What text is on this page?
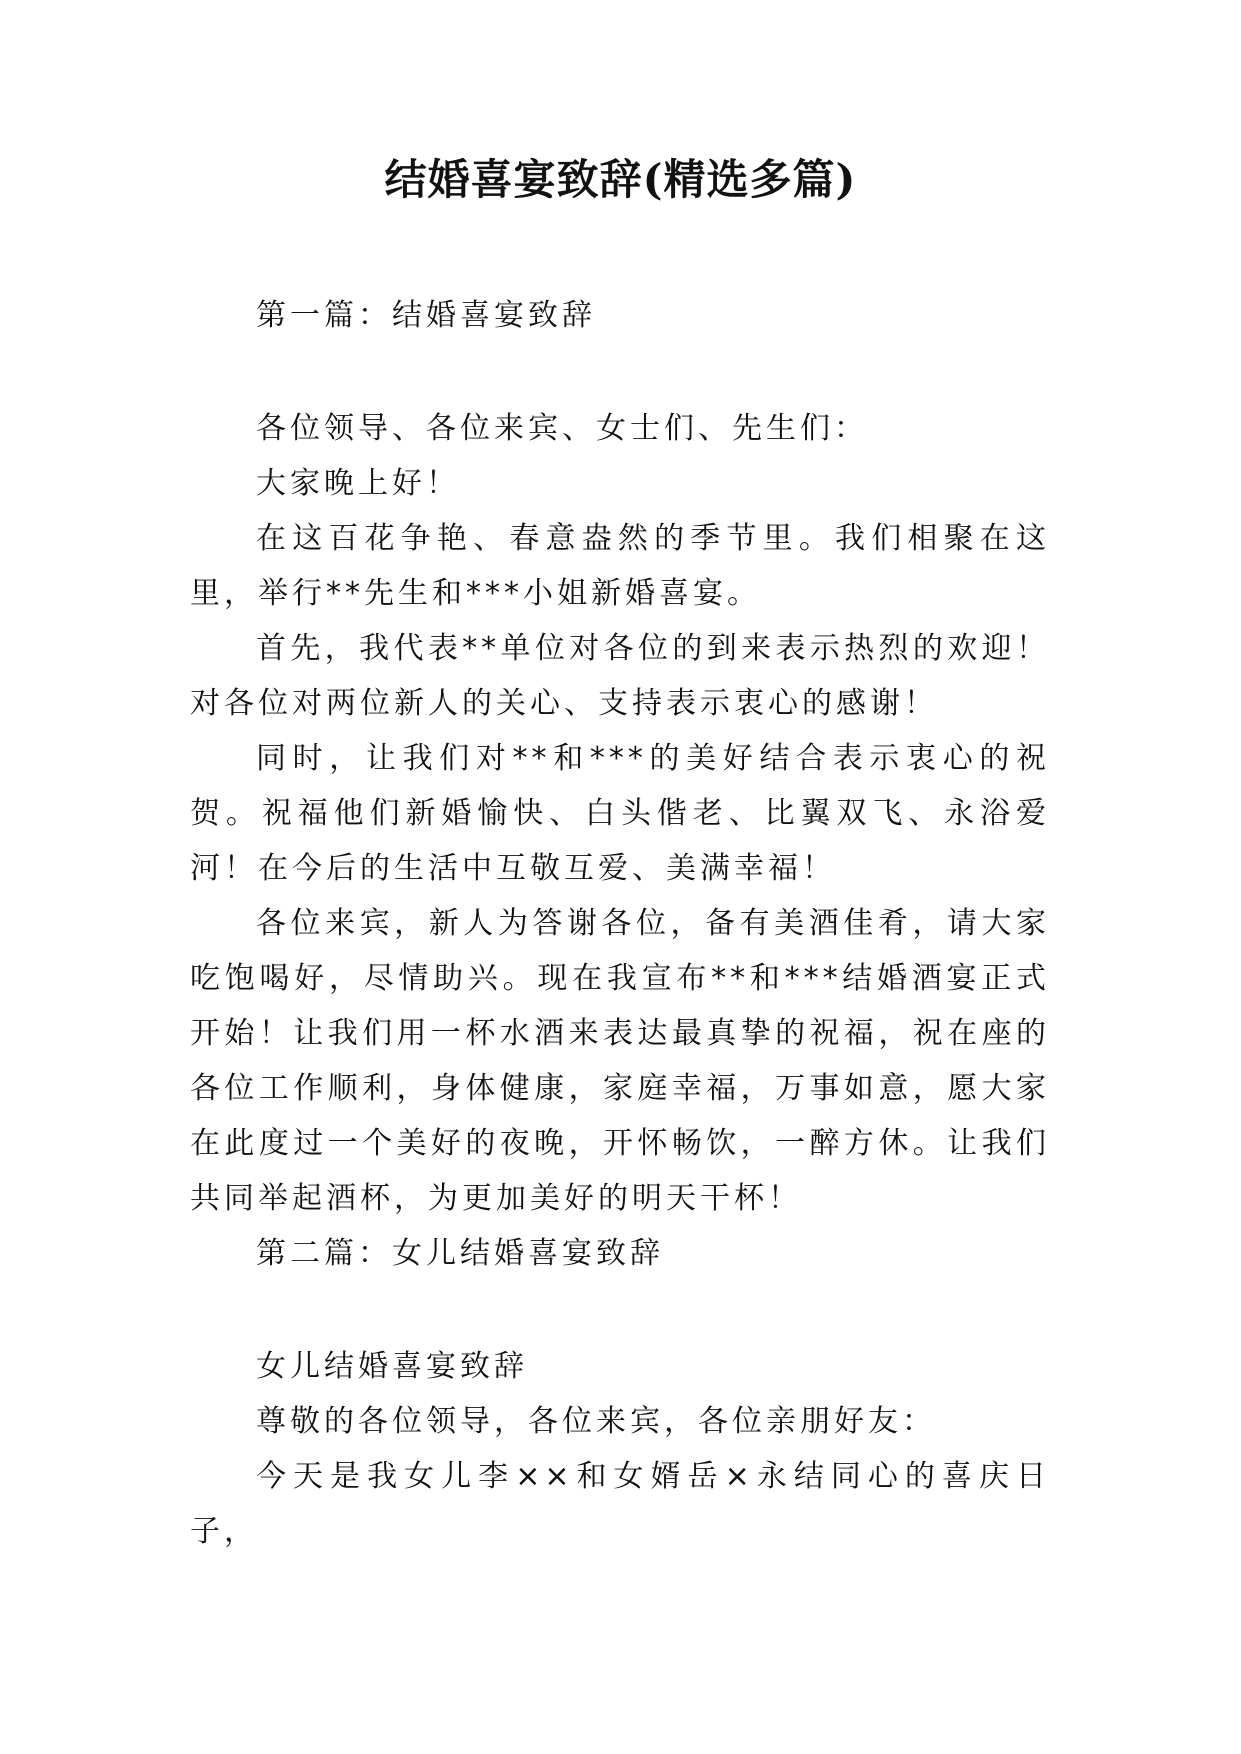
结婚喜宴致辞(精选多篇)

第一篇：结婚喜宴致辞

各位领导、各位来宾、女士们、先生们：

大家晚上好！

在这百花争艳、春意盎然的季节里。我们相聚在这里，举行**先生和***小姐新婚喜宴。

首先，我代表**单位对各位的到来表示热烈的欢迎！对各位对两位新人的关心、支持表示衷心的感谢！

同时，让我们对**和***的美好结合表示衷心的祝贺。祝福他们新婚愉快、白头偕老、比翼双飞、永浴爱河！在今后的生活中互敬互爱、美满幸福！

各位来宾，新人为答谢各位，备有美酒佳肴，请大家吃饱喝好，尽情助兴。现在我宣布**和***结婚酒宴正式开始！让我们用一杯水酒来表达最真挚的祝福，祝在座的各位工作顺利，身体健康，家庭幸福，万事如意，愿大家在此度过一个美好的夜晚，开怀畅饮，一醉方休。让我们共同举起酒杯，为更加美好的明天干杯！

第二篇：女儿结婚喜宴致辞

女儿结婚喜宴致辞

尊敬的各位领导，各位来宾，各位亲朋好友：

今天是我女儿李××和女婿岳×永结同心的喜庆日子，
